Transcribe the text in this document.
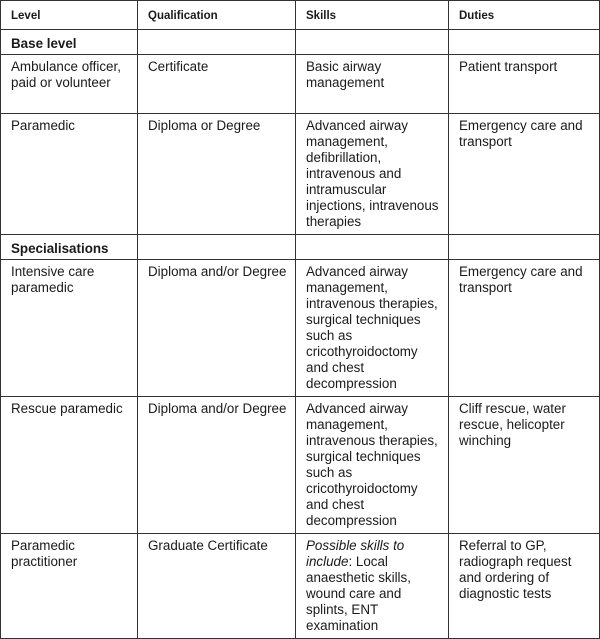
Level	Qualification	Skills	Duties
Base level			
Ambulance officer, paid or volunteer	Certificate	Basic airway management	Patient transport
Paramedic	Diploma or Degree	Advanced airway management, defibrillation, intravenous and intramuscular injections, intravenous therapies	Emergency care and transport
Specialisations			
Intensive care paramedic	Diploma and/or Degree	Advanced airway management, intravenous therapies, surgical techniques such as cricothyroidoctomy and chest decompression	Emergency care and transport
Rescue paramedic	Diploma and/or Degree	Advanced airway management, intravenous therapies, surgical techniques such as cricothyroidoctomy and chest decompression	Cliff rescue, water rescue, helicopter winching
Paramedic practitioner	Graduate Certificate	Possible skills to include: Local anaesthetic skills, wound care and splints, ENT examination	Referral to GP, radiograph request and ordering of diagnostic tests
